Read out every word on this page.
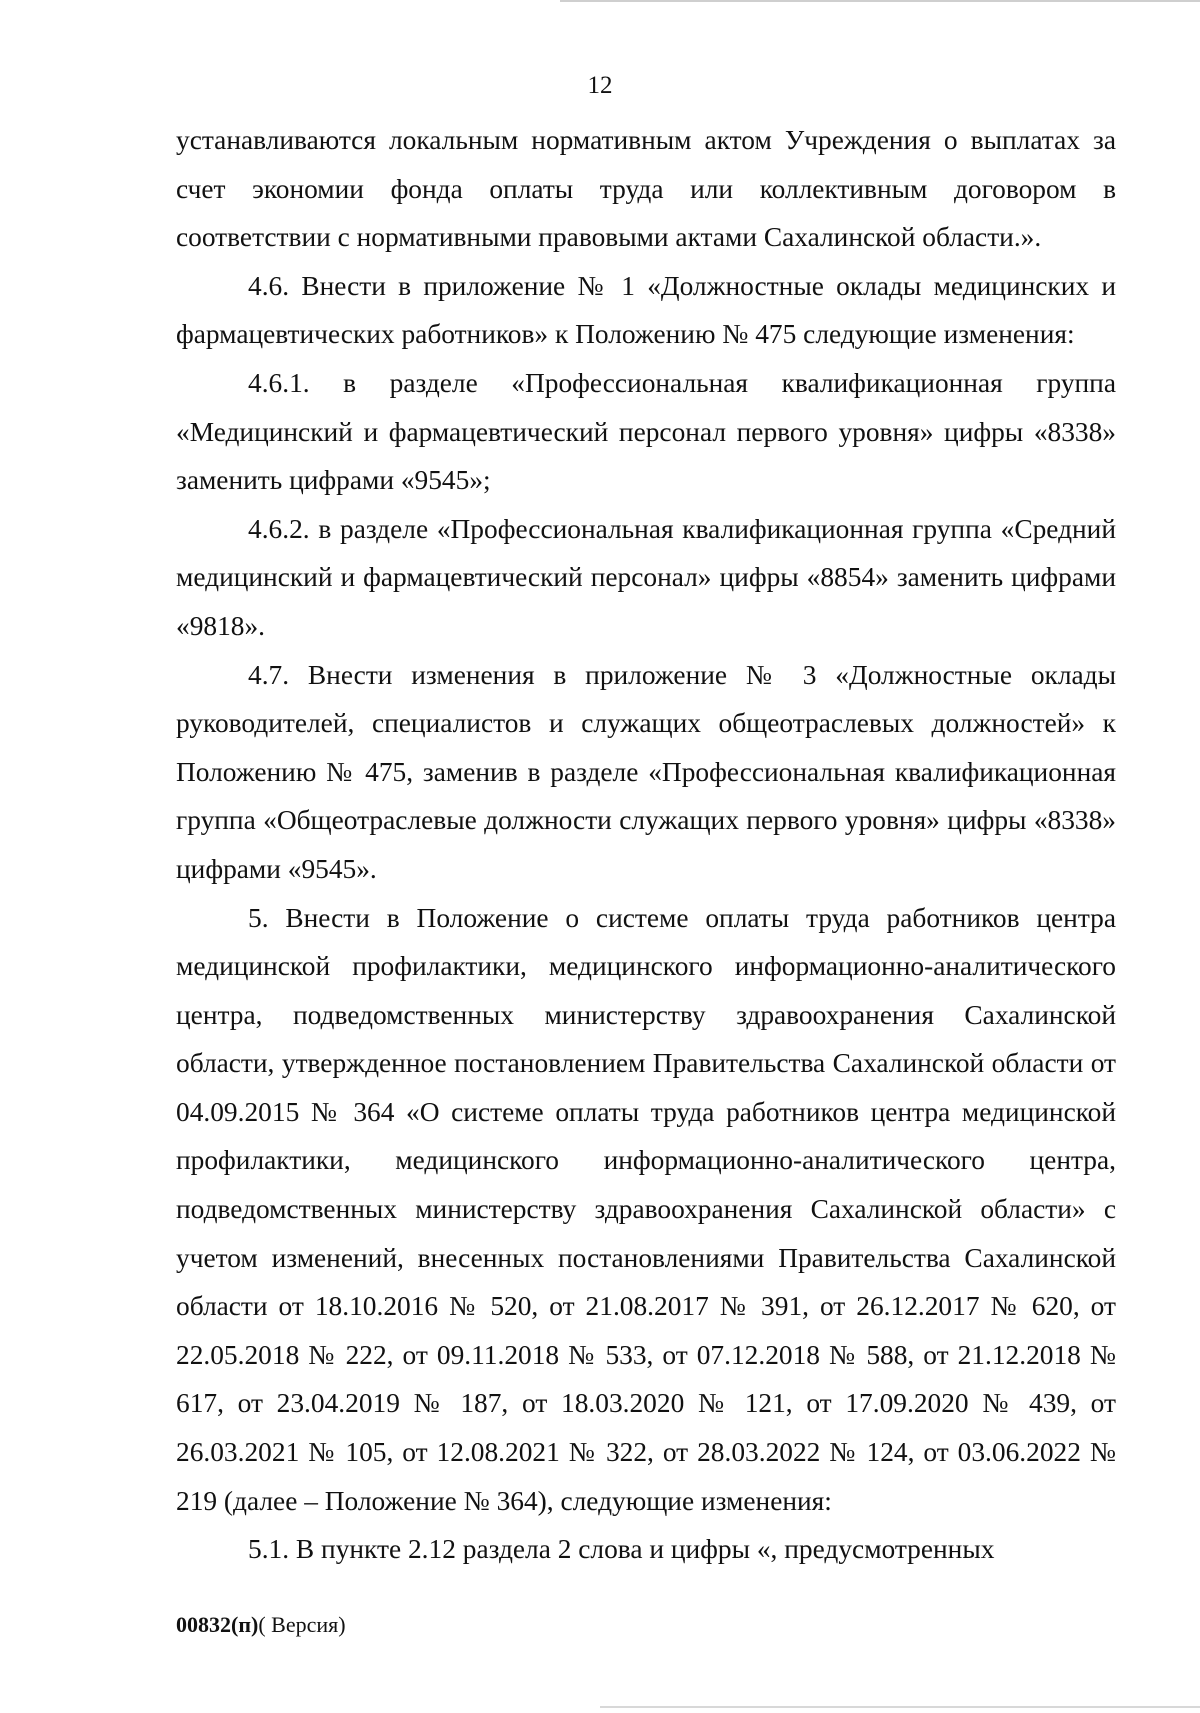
12

устанавливаются локальным нормативным актом Учреждения о выплатах за счет экономии фонда оплаты труда или коллективным договором в соответствии с нормативными правовыми актами Сахалинской области.».

4.6. Внести в приложение № 1 «Должностные оклады медицинских и фармацевтических работников» к Положению № 475 следующие изменения:

4.6.1. в разделе «Профессиональная квалификационная группа «Медицинский и фармацевтический персонал первого уровня» цифры «8338» заменить цифрами «9545»;

4.6.2. в разделе «Профессиональная квалификационная группа «Средний медицинский и фармацевтический персонал» цифры «8854» заменить цифрами «9818».

4.7. Внести изменения в приложение № 3 «Должностные оклады руководителей, специалистов и служащих общеотраслевых должностей» к Положению № 475, заменив в разделе «Профессиональная квалификационная группа «Общеотраслевые должности служащих первого уровня» цифры «8338» цифрами «9545».

5. Внести в Положение о системе оплаты труда работников центра медицинской профилактики, медицинского информационно-аналитического центра, подведомственных министерству здравоохранения Сахалинской области, утвержденное постановлением Правительства Сахалинской области от 04.09.2015 № 364 «О системе оплаты труда работников центра медицинской профилактики, медицинского информационно-аналитического центра, подведомственных министерству здравоохранения Сахалинской области» с учетом изменений, внесенных постановлениями Правительства Сахалинской области от 18.10.2016 № 520, от 21.08.2017 № 391, от 26.12.2017 № 620, от 22.05.2018 № 222, от 09.11.2018 № 533, от 07.12.2018 № 588, от 21.12.2018 № 617, от 23.04.2019 № 187, от 18.03.2020 № 121, от 17.09.2020 № 439, от 26.03.2021 № 105, от 12.08.2021 № 322, от 28.03.2022 № 124, от 03.06.2022 № 219 (далее – Положение № 364), следующие изменения:

5.1. В пункте 2.12 раздела 2 слова и цифры «, предусмотренных

00832(п)( Версия)
